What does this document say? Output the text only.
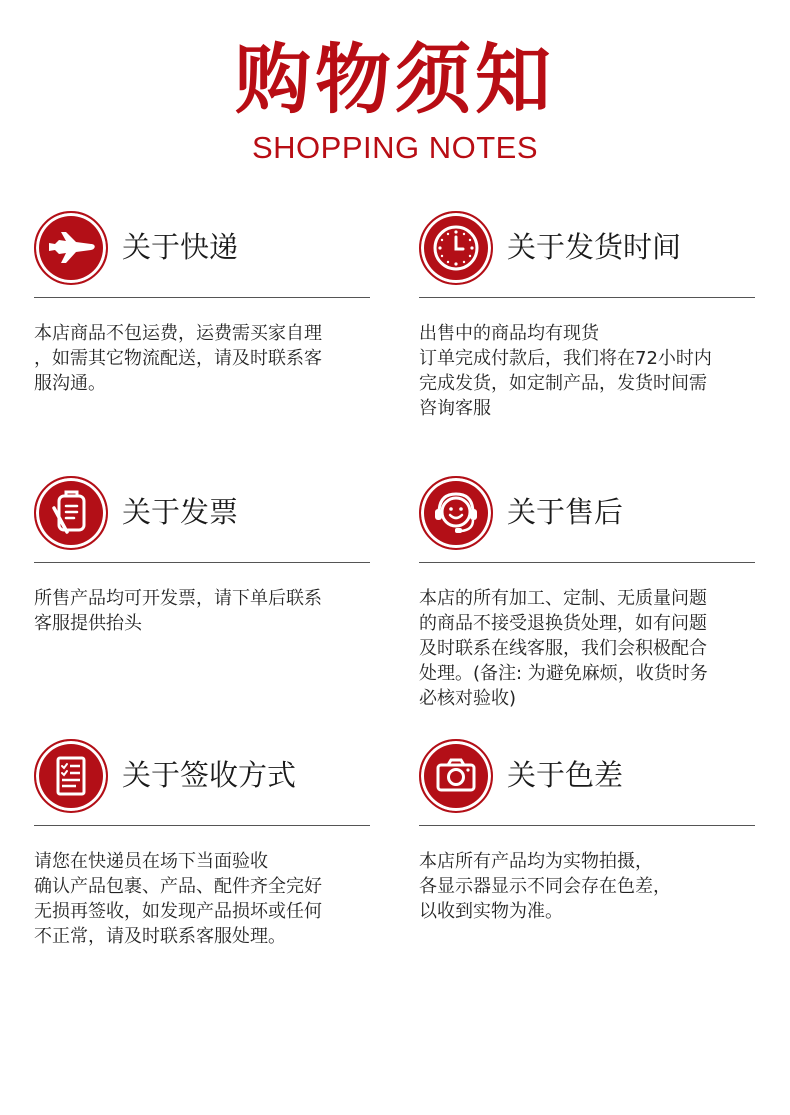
购物须知
SHOPPING NOTES
关于快递
本店商品不包运费，运费需买家自理
，如需其它物流配送，请及时联系客
服沟通。
关于发货时间
出售中的商品均有现货
订单完成付款后，我们将在72小时内
完成发货，如定制产品，发货时间需
咨询客服
关于发票
所售产品均可开发票，请下单后联系
客服提供抬头
关于售后
本店的所有加工、定制、无质量问题
的商品不接受退换货处理，如有问题
及时联系在线客服，我们会积极配合
处理。(备注: 为避免麻烦，收货时务
必核对验收)
关于签收方式
请您在快递员在场下当面验收
确认产品包裹、产品、配件齐全完好
无损再签收，如发现产品损坏或任何
不正常，请及时联系客服处理。
关于色差
本店所有产品均为实物拍摄，
各显示器显示不同会存在色差，
以收到实物为准。
